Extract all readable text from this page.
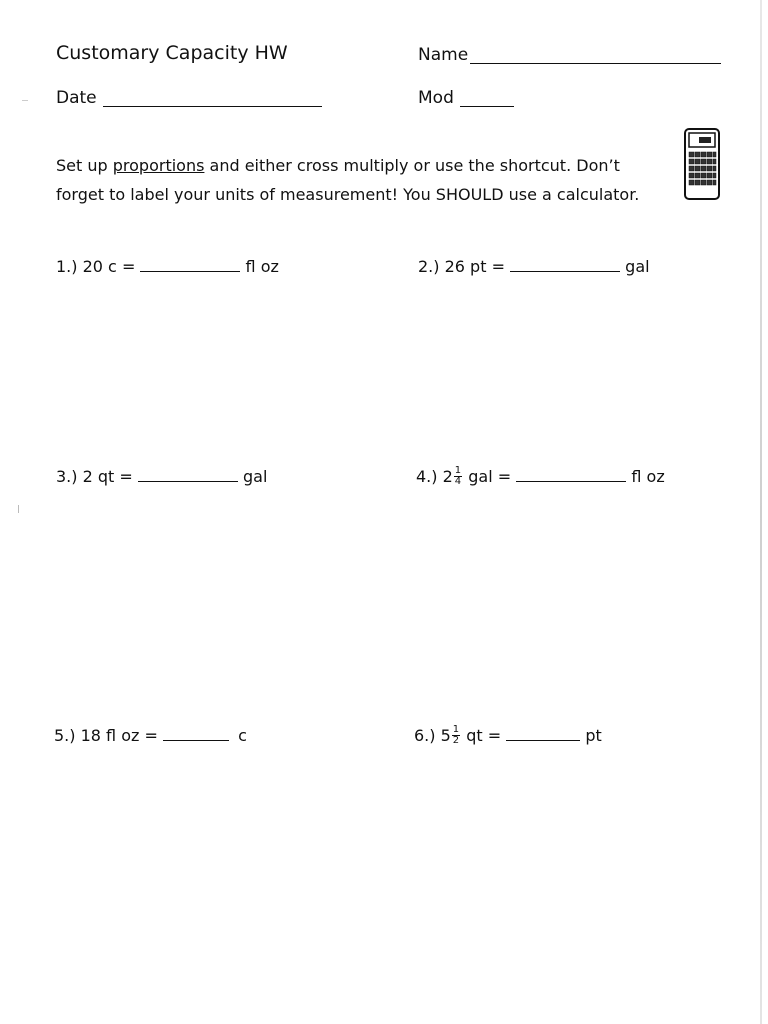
Customary Capacity HW	Name
Date	Mod
Set up proportions and either cross multiply or use the shortcut. Don’t
forget to label your units of measurement! You SHOULD use a calculator.
1.) 20 c =	fl oz	2.) 26 pt =	gal
3.) 2 qt =	gal	4.) $2 \frac{1}{4}$ gal =	fl oz
5.) 18 fl oz =	c	6.) $5 \frac{1}{2}$ qt =	pt
